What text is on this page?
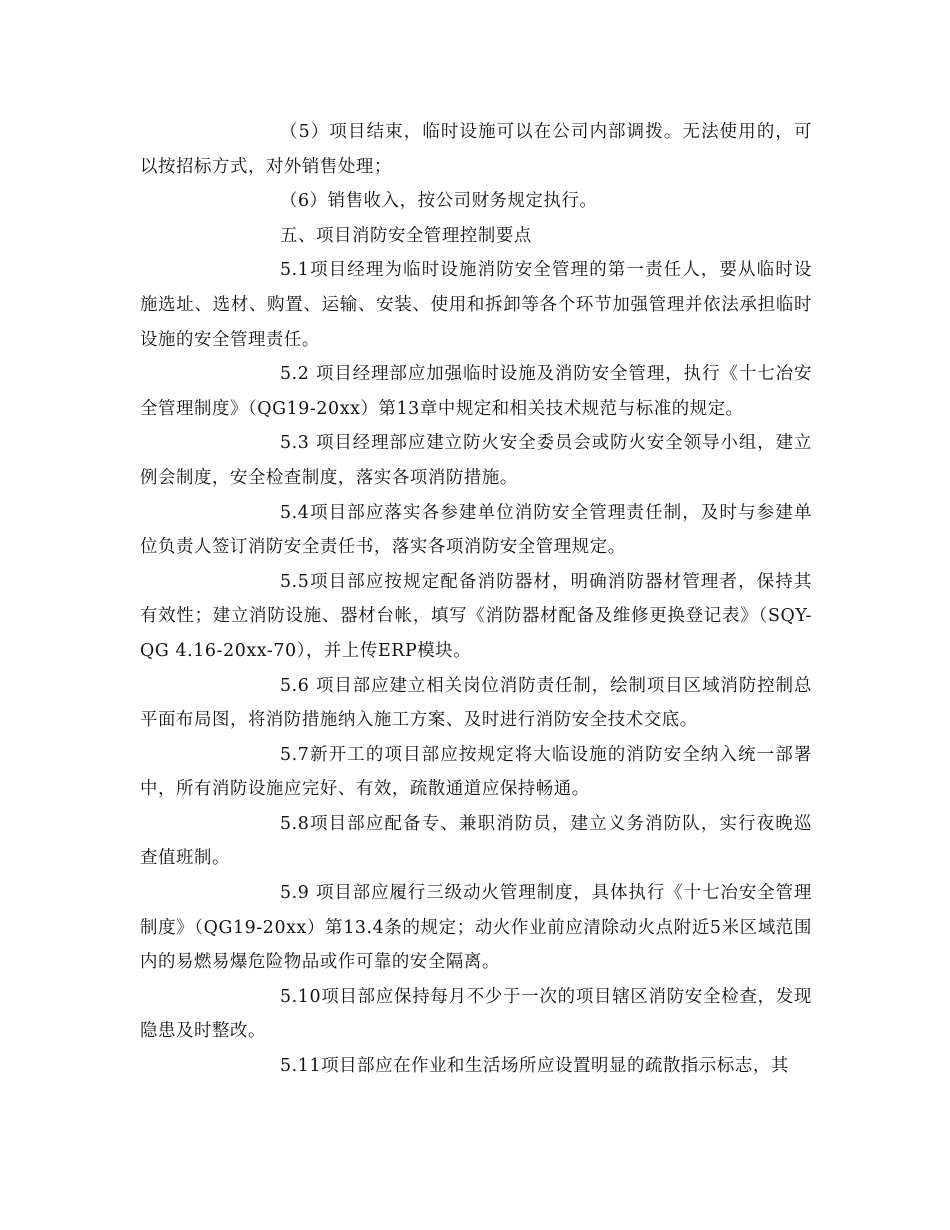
（5）项目结束，临时设施可以在公司内部调拨。无法使用的，可以按招标方式，对外销售处理；

（6）销售收入，按公司财务规定执行。

五、项目消防安全管理控制要点

5.1项目经理为临时设施消防安全管理的第一责任人，要从临时设施选址、选材、购置、运输、安装、使用和拆卸等各个环节加强管理并依法承担临时设施的安全管理责任。

5.2 项目经理部应加强临时设施及消防安全管理，执行《十七冶安全管理制度》（QG19-20xx）第13章中规定和相关技术规范与标准的规定。

5.3 项目经理部应建立防火安全委员会或防火安全领导小组，建立例会制度，安全检查制度，落实各项消防措施。

5.4项目部应落实各参建单位消防安全管理责任制，及时与参建单位负责人签订消防安全责任书，落实各项消防安全管理规定。

5.5项目部应按规定配备消防器材，明确消防器材管理者，保持其有效性；建立消防设施、器材台帐，填写《消防器材配备及维修更换登记表》（SQY-QG 4.16-20xx-70），并上传ERP模块。

5.6 项目部应建立相关岗位消防责任制，绘制项目区域消防控制总平面布局图，将消防措施纳入施工方案、及时进行消防安全技术交底。

5.7新开工的项目部应按规定将大临设施的消防安全纳入统一部署中，所有消防设施应完好、有效，疏散通道应保持畅通。

5.8项目部应配备专、兼职消防员，建立义务消防队，实行夜晚巡查值班制。

5.9 项目部应履行三级动火管理制度，具体执行《十七冶安全管理制度》（QG19-20xx）第13.4条的规定；动火作业前应清除动火点附近5米区域范围内的易燃易爆危险物品或作可靠的安全隔离。

5.10项目部应保持每月不少于一次的项目辖区消防安全检查，发现隐患及时整改。

5.11项目部应在作业和生活场所应设置明显的疏散指示标志，其
